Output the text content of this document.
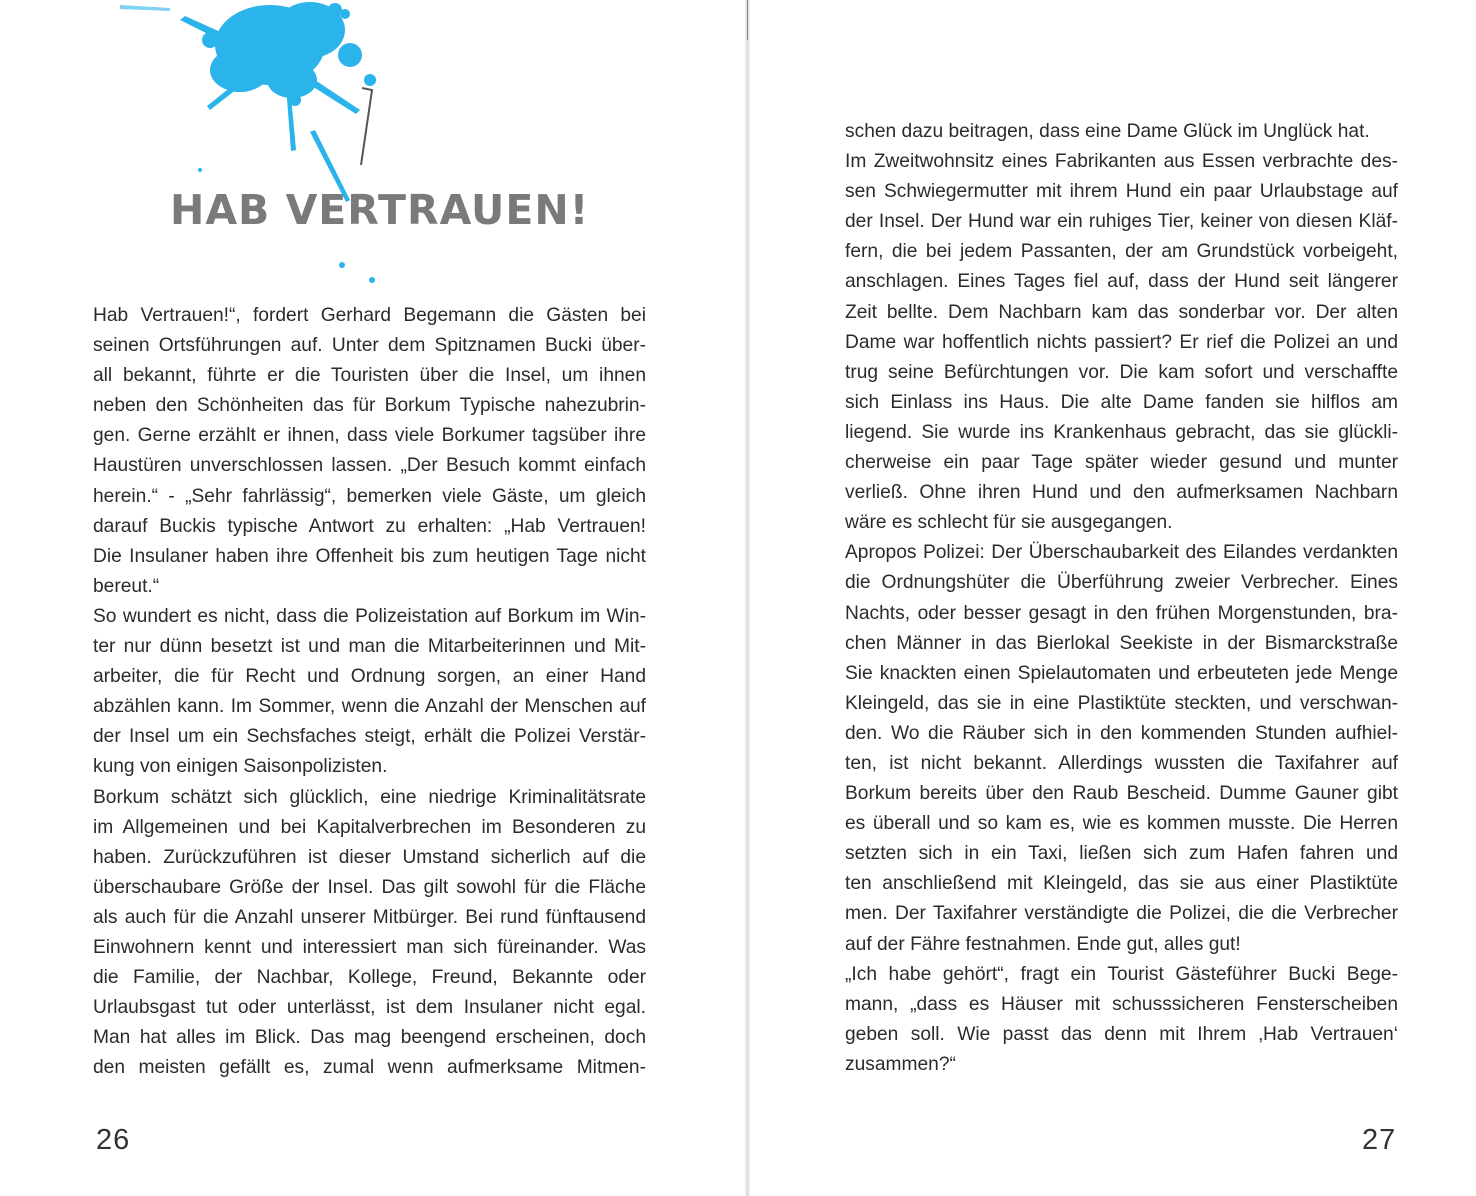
HAB VERTRAUEN!
Hab Vertrauen!“, fordert Gerhard Begemann die Gästen bei
seinen Ortsführungen auf. Unter dem Spitznamen Bucki über-
all bekannt, führte er die Touristen über die Insel, um ihnen
neben den Schönheiten das für Borkum Typische nahezubrin-
gen. Gerne erzählt er ihnen, dass viele Borkumer tagsüber ihre
Haustüren unverschlossen lassen. „Der Besuch kommt einfach
herein.“ - „Sehr fahrlässig“, bemerken viele Gäste, um gleich
darauf Buckis typische Antwort zu erhalten: „Hab Vertrauen!
Die Insulaner haben ihre Offenheit bis zum heutigen Tage nicht
bereut.“
So wundert es nicht, dass die Polizeistation auf Borkum im Win-
ter nur dünn besetzt ist und man die Mitarbeiterinnen und Mit-
arbeiter, die für Recht und Ordnung sorgen, an einer Hand
abzählen kann. Im Sommer, wenn die Anzahl der Menschen auf
der Insel um ein Sechsfaches steigt, erhält die Polizei Verstär-
kung von einigen Saisonpolizisten.
Borkum schätzt sich glücklich, eine niedrige Kriminalitätsrate
im Allgemeinen und bei Kapitalverbrechen im Besonderen zu
haben. Zurückzuführen ist dieser Umstand sicherlich auf die
überschaubare Größe der Insel. Das gilt sowohl für die Fläche
als auch für die Anzahl unserer Mitbürger. Bei rund fünftausend
Einwohnern kennt und interessiert man sich füreinander. Was
die Familie, der Nachbar, Kollege, Freund, Bekannte oder
Urlaubsgast tut oder unterlässt, ist dem Insulaner nicht egal.
Man hat alles im Blick. Das mag beengend erscheinen, doch
den meisten gefällt es, zumal wenn aufmerksame Mitmen-

26

schen dazu beitragen, dass eine Dame Glück im Unglück hat.
Im Zweitwohnsitz eines Fabrikanten aus Essen verbrachte des-
sen Schwiegermutter mit ihrem Hund ein paar Urlaubstage auf
der Insel. Der Hund war ein ruhiges Tier, keiner von diesen Kläf-
fern, die bei jedem Passanten, der am Grundstück vorbeigeht,
anschlagen. Eines Tages fiel auf, dass der Hund seit längerer
Zeit bellte. Dem Nachbarn kam das sonderbar vor. Der alten
Dame war hoffentlich nichts passiert? Er rief die Polizei an und
trug seine Befürchtungen vor. Die kam sofort und verschaffte
sich Einlass ins Haus. Die alte Dame fanden sie hilflos am
liegend. Sie wurde ins Krankenhaus gebracht, das sie glückli-
cherweise ein paar Tage später wieder gesund und munter
verließ. Ohne ihren Hund und den aufmerksamen Nachbarn
wäre es schlecht für sie ausgegangen.
Apropos Polizei: Der Überschaubarkeit des Eilandes verdankten
die Ordnungshüter die Überführung zweier Verbrecher. Eines
Nachts, oder besser gesagt in den frühen Morgenstunden, bra-
chen Männer in das Bierlokal Seekiste in der Bismarckstraße
Sie knackten einen Spielautomaten und erbeuteten jede Menge
Kleingeld, das sie in eine Plastiktüte steckten, und verschwan-
den. Wo die Räuber sich in den kommenden Stunden aufhiel-
ten, ist nicht bekannt. Allerdings wussten die Taxifahrer auf
Borkum bereits über den Raub Bescheid. Dumme Gauner gibt
es überall und so kam es, wie es kommen musste. Die Herren
setzten sich in ein Taxi, ließen sich zum Hafen fahren und
ten anschließend mit Kleingeld, das sie aus einer Plastiktüte
men. Der Taxifahrer verständigte die Polizei, die die Verbrecher
auf der Fähre festnahmen. Ende gut, alles gut!
„Ich habe gehört“, fragt ein Tourist Gästeführer Bucki Bege-
mann, „dass es Häuser mit schusssicheren Fensterscheiben
geben soll. Wie passt das denn mit Ihrem ‚Hab Vertrauen‘
zusammen?“

27
